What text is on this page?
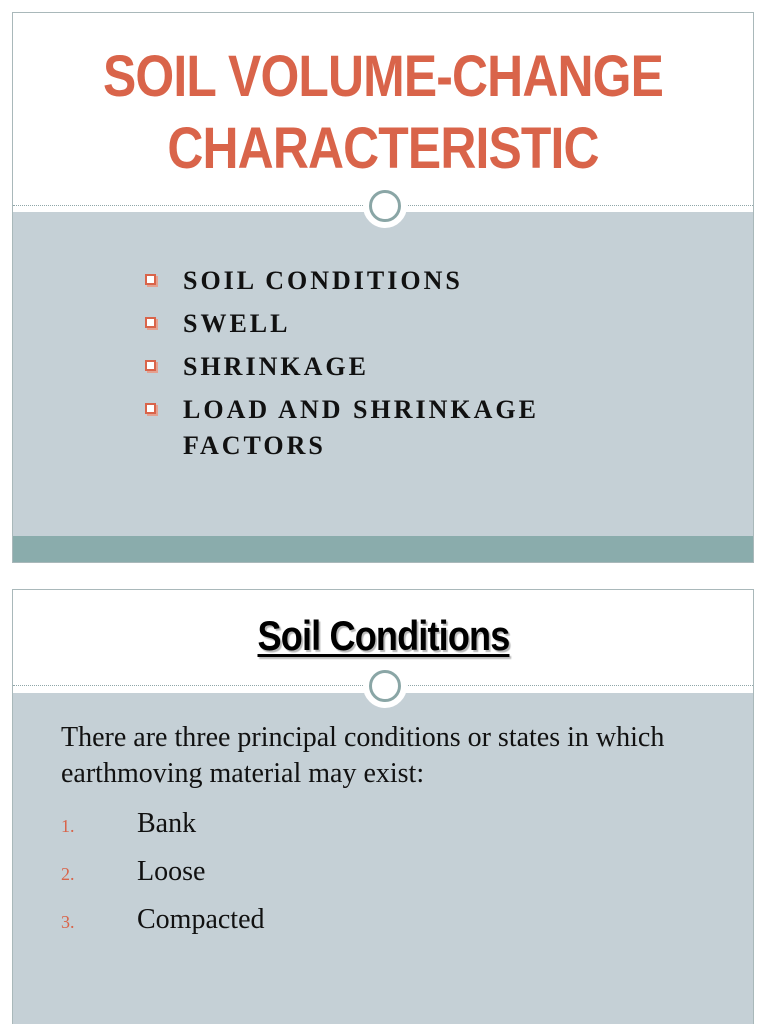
SOIL VOLUME-CHANGE
CHARACTERISTIC
SOIL CONDITIONS
SWELL
SHRINKAGE
LOAD AND SHRINKAGE FACTORS
Soil Conditions

There are three principal conditions or states in which earthmoving material may exist:

1. Bank
2. Loose
3. Compacted
